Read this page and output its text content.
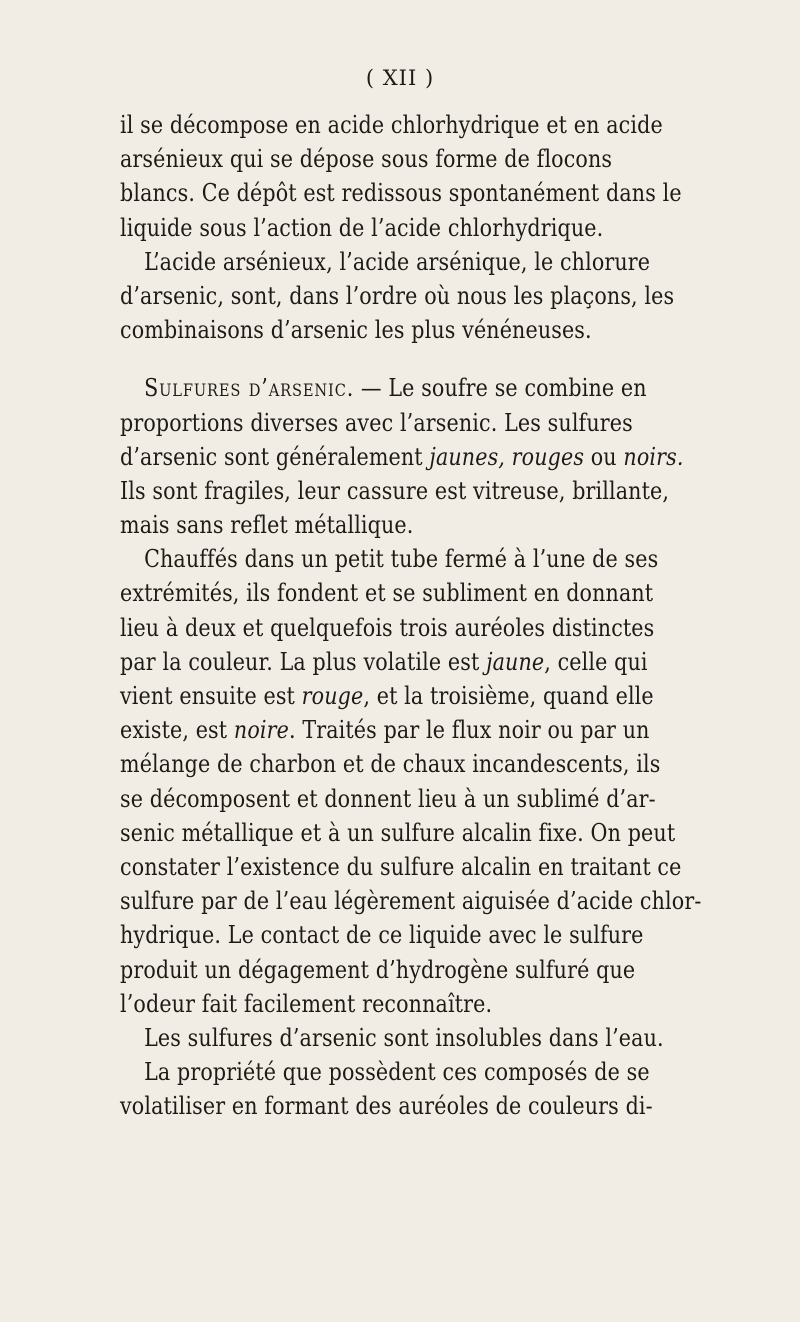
( XII )
il se décompose en acide chlorhydrique et en acide
arsénieux qui se dépose sous forme de flocons
blancs. Ce dépôt est redissous spontanément dans le
liquide sous l’action de l’acide chlorhydrique.
L’acide arsénieux, l’acide arsénique, le chlorure
d’arsenic, sont, dans l’ordre où nous les plaçons, les
combinaisons d’arsenic les plus vénéneuses.
Sulfures d’arsenic. — Le soufre se combine en
proportions diverses avec l’arsenic. Les sulfures
d’arsenic sont généralement jaunes, rouges ou noirs.
Ils sont fragiles, leur cassure est vitreuse, brillante,
mais sans reflet métallique.
Chauffés dans un petit tube fermé à l’une de ses
extrémités, ils fondent et se subliment en donnant
lieu à deux et quelquefois trois auréoles distinctes
par la couleur. La plus volatile est jaune, celle qui
vient ensuite est rouge, et la troisième, quand elle
existe, est noire. Traités par le flux noir ou par un
mélange de charbon et de chaux incandescents, ils
se décomposent et donnent lieu à un sublimé d’ar-
senic métallique et à un sulfure alcalin fixe. On peut
constater l’existence du sulfure alcalin en traitant ce
sulfure par de l’eau légèrement aiguisée d’acide chlor-
hydrique. Le contact de ce liquide avec le sulfure
produit un dégagement d’hydrogène sulfuré que
l’odeur fait facilement reconnaître.
Les sulfures d’arsenic sont insolubles dans l’eau.
La propriété que possèdent ces composés de se
volatiliser en formant des auréoles de couleurs di-
